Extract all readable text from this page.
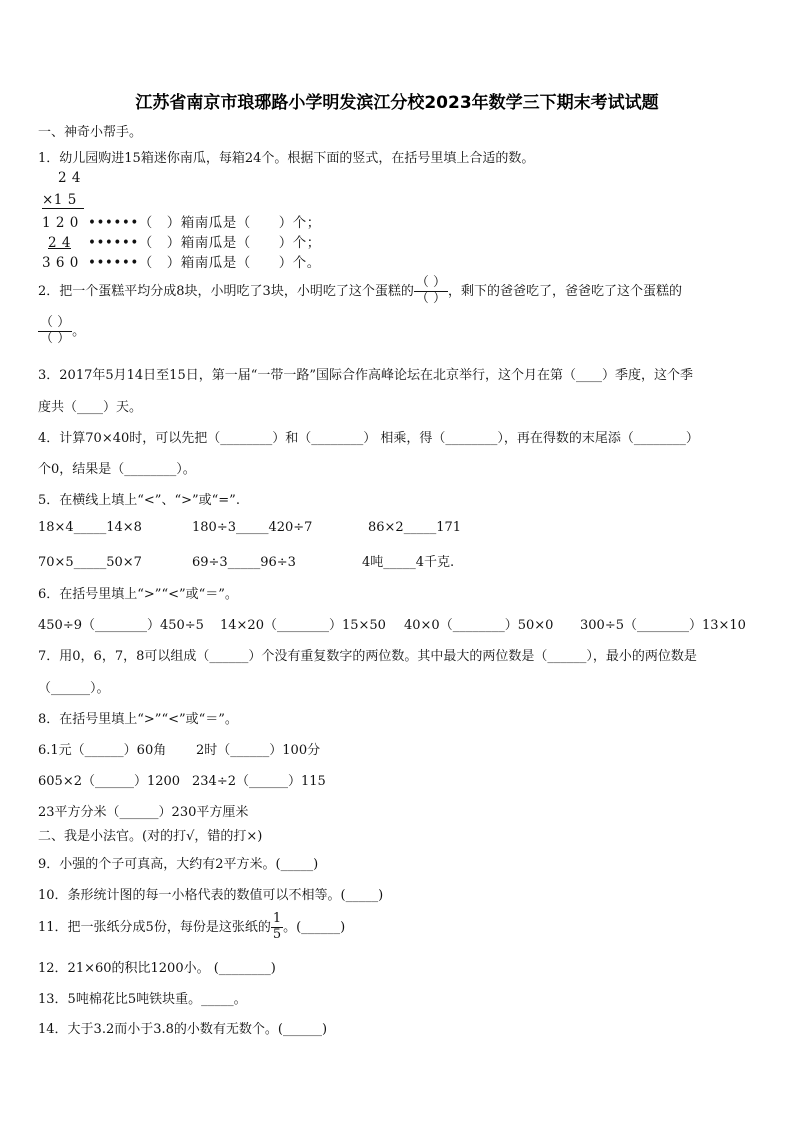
江苏省南京市琅琊路小学明发滨江分校2023年数学三下期末考试试题
一、神奇小帮手。
1．幼儿园购进15箱迷你南瓜，每箱24个。根据下面的竖式，在括号里填上合适的数。
2 4
×1 5
1 2 0 ••••••（　）箱南瓜是（　　）个；
2 4 ••••••（　）箱南瓜是（　　）个；
3 6 0 ••••••（　）箱南瓜是（　　）个。
2．把一个蛋糕平均分成8块，小明吃了3块，小明吃了这个蛋糕的 $\frac{( )}{( )}$ ，剩下的爸爸吃了，爸爸吃了这个蛋糕的
$\frac{( )}{( )}$ 。
3．2017年5月14日至15日，第一届“一带一路”国际合作高峰论坛在北京举行，这个月在第（____）季度，这个季
度共（____）天。
4．计算70×40时，可以先把（________）和（________） 相乘，得（________），再在得数的末尾添（________）
个0，结果是（________）。
5．在横线上填上“<”、“>”或“=”.
18×4_____14×8	180÷3_____420÷7	86×2_____171
70×5_____50×7	69÷3_____96÷3	4吨_____4千克.
6．在括号里填上“>”“<”或“＝”。
450÷9（________）450÷5 14×20（________）15×50 40×0（________）50×0 300÷5（________）13×10
7．用0，6，7，8可以组成（______）个没有重复数字的两位数。其中最大的两位数是（______），最小的两位数是
（______）。
8．在括号里填上“>”“<”或“＝”。
6.1元（______）60角 2时（______）100分
605×2（______）1200 234÷2（______）115
23平方分米（______）230平方厘米
二、我是小法官。(对的打√，错的打×)
9．小强的个子可真高，大约有2平方米。(_____)
10．条形统计图的每一小格代表的数值可以不相等。(_____)
11．把一张纸分成5份，每份是这张纸的 $\frac{1}{5}$ 。(______)
12．21×60的积比1200小。 (________)
13．5吨棉花比5吨铁块重。_____。
14．大于3.2而小于3.8的小数有无数个。(______)
